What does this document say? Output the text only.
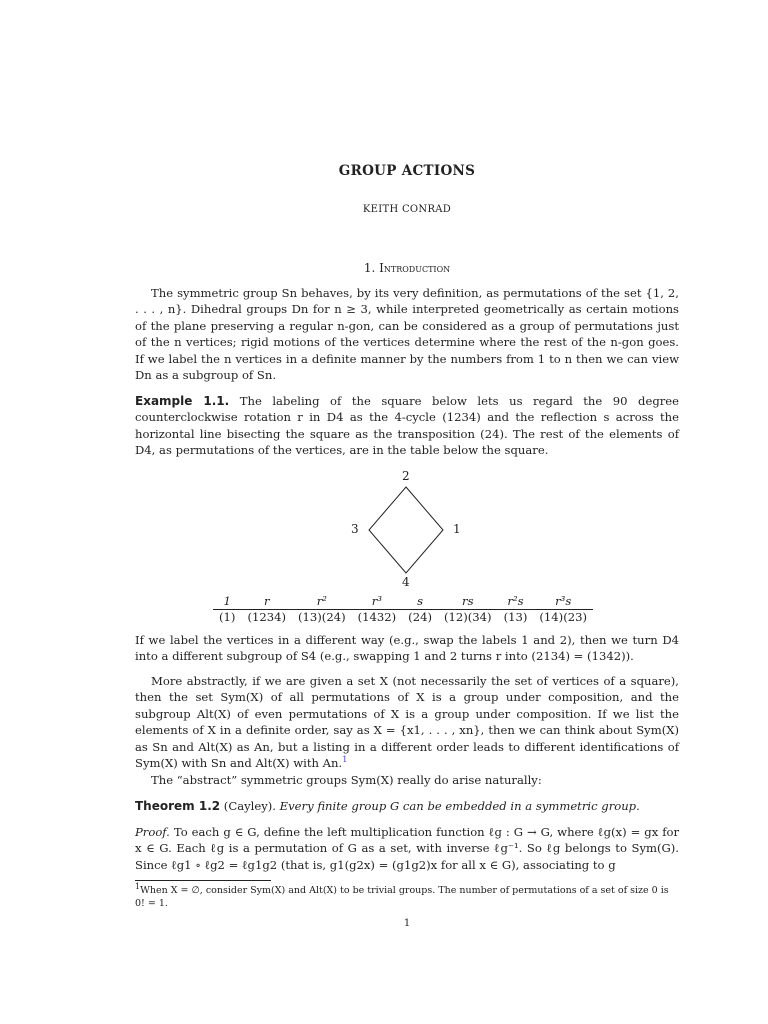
GROUP ACTIONS
KEITH CONRAD
1. Introduction

The symmetric group Sn behaves, by its very definition, as permutations of the set {1, 2, . . . , n}. Dihedral groups Dn for n ≥ 3, while interpreted geometrically as certain motions of the plane preserving a regular n-gon, can be considered as a group of permutations just of the n vertices; rigid motions of the vertices determine where the rest of the n-gon goes. If we label the n vertices in a definite manner by the numbers from 1 to n then we can view Dn as a subgroup of Sn.

Example 1.1. The labeling of the square below lets us regard the 90 degree counterclockwise rotation r in D4 as the 4-cycle (1234) and the reflection s across the horizontal line bisecting the square as the transposition (24). The rest of the elements of D4, as permutations of the vertices, are in the table below the square.

1
2
3
4
1	r	r²	r³	s	rs	r²s	r³s
(1)	(1234)	(13)(24)	(1432)	(24)	(12)(34)	(13)	(14)(23)

If we label the vertices in a different way (e.g., swap the labels 1 and 2), then we turn D4 into a different subgroup of S4 (e.g., swapping 1 and 2 turns r into (2134) = (1342)).

More abstractly, if we are given a set X (not necessarily the set of vertices of a square), then the set Sym(X) of all permutations of X is a group under composition, and the subgroup Alt(X) of even permutations of X is a group under composition. If we list the elements of X in a definite order, say as X = {x1, . . . , xn}, then we can think about Sym(X) as Sn and Alt(X) as An, but a listing in a different order leads to different identifications of Sym(X) with Sn and Alt(X) with An.$^1$

The “abstract” symmetric groups Sym(X) really do arise naturally:

Theorem 1.2 (Cayley). Every finite group G can be embedded in a symmetric group.

Proof. To each g ∈ G, define the left multiplication function ℓg : G → G, where ℓg(x) = gx for x ∈ G. Each ℓg is a permutation of G as a set, with inverse ℓg⁻¹. So ℓg belongs to Sym(G). Since ℓg1 ∘ ℓg2 = ℓg1g2 (that is, g1(g2x) = (g1g2)x for all x ∈ G), associating to g

$^1$When X = ∅, consider Sym(X) and Alt(X) to be trivial groups. The number of permutations of a set of size 0 is 0! = 1.
1
